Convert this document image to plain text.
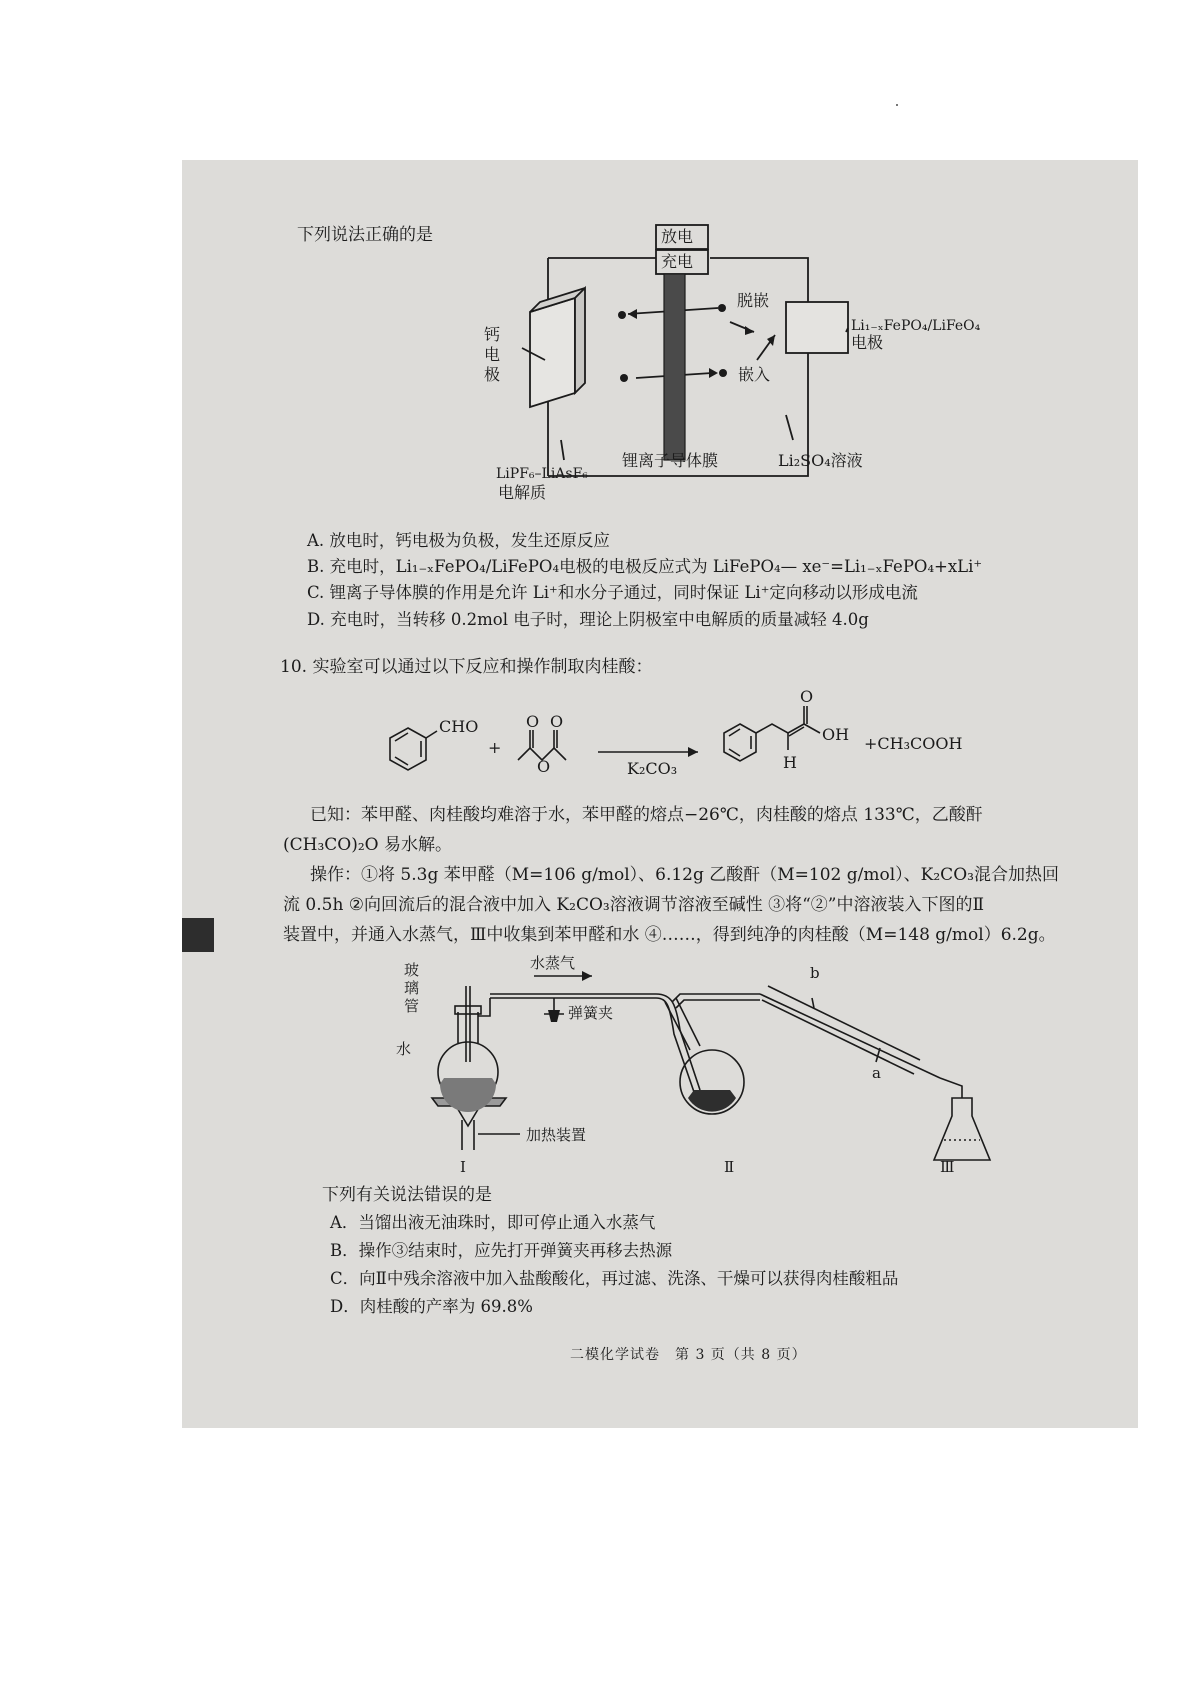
下列说法正确的是	放电
充电
钙
电
极
脱嵌
嵌入
Li₁₋ₓFePO₄/LiFeO₄
电极
LiPF₆–LiAsF₆
电解质
锂离子导体膜	Li₂SO₄溶液
A. 放电时，钙电极为负极，发生还原反应
B. 充电时，Li₁₋ₓFePO₄/LiFePO₄电极的电极反应式为 LiFePO₄— xe⁻=Li₁₋ₓFePO₄+xLi⁺
C. 锂离子导体膜的作用是允许 Li⁺和水分子通过，同时保证 Li⁺定向移动以形成电流
D. 充电时，当转移 0.2mol 电子时，理论上阴极室中电解质的质量减轻 4.0g
10. 实验室可以通过以下反应和操作制取肉桂酸：
CHO
+
O O
O	K₂CO₃
O
OH
H
+CH₃COOH
已知：苯甲醛、肉桂酸均难溶于水，苯甲醛的熔点−26℃，肉桂酸的熔点 133℃，乙酸酐
(CH₃CO)₂O 易水解。
操作：①将 5.3g 苯甲醛（M=106 g/mol）、6.12g 乙酸酐（M=102 g/mol）、K₂CO₃混合加热回
流 0.5h ②向回流后的混合液中加入 K₂CO₃溶液调节溶液至碱性 ③将“②”中溶液装入下图的Ⅱ
装置中，并通入水蒸气，Ⅲ中收集到苯甲醛和水 ④……，得到纯净的肉桂酸（M=148 g/mol）6.2g。
玻
璃
管
水蒸气
弹簧夹
水
加热装置
b
a
Ⅰ	Ⅱ	Ⅲ
下列有关说法错误的是
A．当馏出液无油珠时，即可停止通入水蒸气
B．操作③结束时，应先打开弹簧夹再移去热源
C．向Ⅱ中残余溶液中加入盐酸酸化，再过滤、洗涤、干燥可以获得肉桂酸粗品
D．肉桂酸的产率为 69.8%
二模化学试卷　第 3 页（共 8 页）
